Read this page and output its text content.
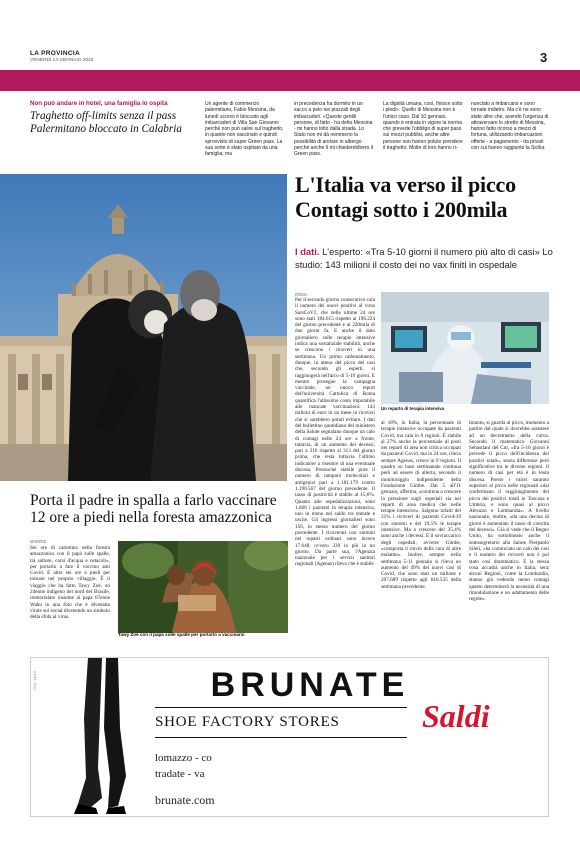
LA PROVINCIA
VENERDÌ 14 GENNAIO 2022	3
Non può andare in hotel, una famiglia lo ospita
Traghetto off-limits senza il pass Palermitano bloccato in Calabria
Un agente di commercio palermitano, Fabio Messina, da lunedì scorso è bloccato agli imbarcaderi di Villa San Giovanni perché non può salire sul traghetto, in quanto non vaccinato e quindi sprovvisto di super Green pass. La sua sorte è stato ospitato da una famiglia, ma
in precedenza ha dormito in un sacco a pelo nei piazzali degli imbarcaderi. «Queste gentili persone, di fatto - ha detto Messina - mi hanno tolto dalla strada. Lo Stato non mi dà nemmeno la possibilità di andare in albergo perché anche lì mi chiedereblbero il Green pass.
La dignità umana, così, finisce sotto i piedi». Quello di Messina non è l'unico caso. Dal 10 gennaio, quando è entrata in vigore la norma che prevede l'obbligo di super pass sui mezzi pubblici, anche altre persone non hanno potuto prendere il traghetto. Molte di loro hanno ri-
nunciato a imbarcarsi e sono tornate indietro. Ma c'è ne sono state altre che, avendo l'urgenza di attraversare lo stretto di Messina, hanno fatto ricorso a mezzi di fortuna, utilizzando imbarcazioni offerte - a pagamento - da privati con cui hanno raggiunto la Sicilia.
Porta il padre in spalla a farlo vaccinare 12 ore a piedi nella foresta amazzonica
MADRID
Sei ore di cammino nella foresta amazzonica con il papà sulle spalle, tra salture, corsi d'acqua e ostacoli», per portarlo a fare il vaccino anti Covid. E altre sei ore a piedi per tornare nel proprio villaggio. È il viaggio che ha fatto Tawy Zoé, un 24enne indigeno del nord del Brasile, immortalato insieme al papà 67enne Wahu in una foto che è diventata virale sui social divenendo un simbolo della sfida al virus.
Tawy Zoé con il papà sulle spalle per portarlo a vaccinarsi
L'Italia va verso il picco Contagi sotto i 200mila
I dati. L'esperto: «Tra 5-10 giorni il numero più alto di casi» Lo studio: 143 milioni il costo dei no vax finiti in ospedale
ROMA
Per il secondo giorno consecutivo cala il numero dei nuovi positivi al virus SarsCoV2, che nelle ultime 24 ore sono stati 184.615 rispetto ai 196.224 del giorno precedente e ai 220mila di due giorni fa. E anche il dato giornaliero sulle terapie intensive indica una sostanziale stabilità, anche se crescono i ricoveri in una settimana. Un primo rallentamento, dunque, in attesa del picco dei casi che, secondo gli esperti, si raggiungerà nell'arco di 5-10 giorni. E mentre prosegue la campagna vaccinale, un nuovo report dell'università Cattolica di Roma quantifica l'altissimo costo imputabile alle mancate vaccinazioni: 143 milioni di euro in un mese in ricoveri che si sarebbero potuti evitare. I dati del bollettino quotidiano del ministero della Salute segnalano dunque un calo di contagi nelle 24 ore a fronte, tuttavia, di un aumento dei decessi, pari a 316 rispetto ai 313 del giorno prima, che resta tuttavia l'ultimo indicatore a risentire di una eventuale discesa. Pressoché stabile pure il numero di tamponi molecolari e antigenici pari a 1.181.179 contro 1.190.567 del giorno precedente. Il tasso di positività è stabile al 15,6%. Quanto alle ospedalizzazioni, sono 1.668 i pazienti in terapia intensiva, uno in meno nel saldo tra entrate e uscite. Gli ingressi giornalieri sono 156, lo stesso numero del giorno precedente. I ricoverati con sintomi nei reparti ordinari sono invece 17.648, ovvero 339 in più in un giorno. Da parte sua, l'Agenzia nazionale per i servizi sanitari regionali (Agenas) rileva che è stabile
Un reparto di terapia intensiva
al 18%, in Italia, la percentuale di terapie intensive occupate da pazienti Covid, ma cala in 8 regioni. È stabile al 27% anche la percentuale di posti nei reparti di area non critica occupati da pazienti Covid, ma in 24 ore, rileva sempre Agenas, cresce in 9 regioni. Il quadro su base settimanale continua però ad essere di allerta, secondo il monitoraggio indipendente della Fondazione Gimbe. Dal 5 all'11 gennaio, afferma, «continua a crescere la pressione sugli ospedali sia nei reparti di area medica che nelle terapie intensive». Salgono infatti del 31% i ricoveri di pazienti Covid-19 con sintomi e del 19,5% le terapie intensive. Ma a crescere del 35,4% sono anche i decessi. E il sovraccarico degli ospedali, avverte Gimbe, «comporta il rinvio della cura di altre malattie». Inoltre, sempre nella settimana 5-11 gennaio si rileva un aumento del 49% dei nuovi casi di Covid, che sono stati un milione e 207.689 rispetto agli 810.535 della settimana precedente.
Intanto, si guarda al picco, momento a partire dal quale si dovrebbe assistere ad un decremento della curva. Secondo il matematico Giovanni Sebastiani del Cnr, «fra 5-10 giorni è prevede il picco dell'incidenza dei positivi totali», senza differenze però significative tra le diverse regioni. Il numero di casi per età è in lenta discesa. Presto i valori saranno superiori al picco nelle regionali «dai confermano il raggiungimento del picco dei positivi totali in Toscana e Umbria, e sono quasi al picco Abruzzo e Lombardia». A livello nazionale, inoltre, «da una decina di giorni è aumentato il tasso di crescita dei decessi». Già si vede che il Regno Unito, ha sottolineato anche il sottosegretario alla Salute Pierpaolo Sileri, «ha cominciato un calo dei casi e il numero dei ricoveri non è poi stato così drammatico. E la stessa cosa accadrà anche in Italia, senz alcuni Regioni, come la Lombardia, stanno già vedendo meno contagi questo determinerà la necessità di una rimodulazione e un adattamento delle regole».
OSL 18/16	BRUNATE
SHOE FACTORY STORES
lomazzo - co
tradate - va
brunate.com
Saldi
